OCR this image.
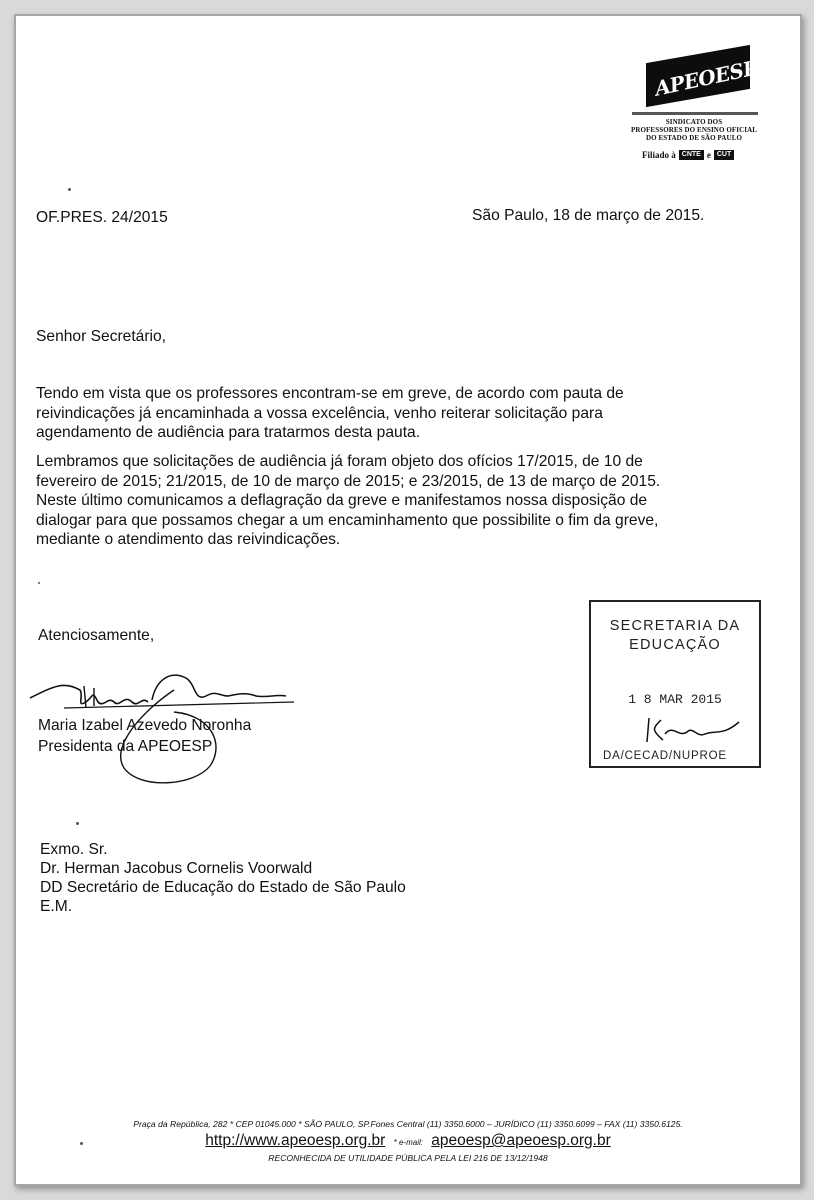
APEOESP
SINDICATO DOS
PROFESSORES DO ENSINO OFICIAL
DO ESTADO DE SÃO PAULO
Filiado à CNTE e CUT
OF.PRES. 24/2015	São Paulo, 18 de março de 2015.
Senhor Secretário,
Tendo em vista que os professores encontram-se em greve, de acordo com pauta de
reivindicações já encaminhada a vossa excelência, venho reiterar solicitação para
agendamento de audiência para tratarmos desta pauta.
Lembramos que solicitações de audiência já foram objeto dos ofícios 17/2015, de 10 de
fevereiro de 2015; 21/2015, de 10 de março de 2015; e 23/2015, de 13 de março de 2015.
Neste último comunicamos a deflagração da greve e manifestamos nossa disposição de
dialogar para que possamos chegar a um encaminhamento que possibilite o fim da greve,
mediante o atendimento das reivindicações.
Atenciosamente,
Maria Izabel Azevedo Noronha
Presidenta da APEOESP
SECRETARIA DA
EDUCAÇÃO
1 8 MAR 2015
DA/CECAD/NUPROE
Exmo. Sr.
Dr. Herman Jacobus Cornelis Voorwald
DD Secretário de Educação do Estado de São Paulo
E.M.
Praça da República, 282 * CEP 01045.000 * SÃO PAULO, SP.Fones Central (11) 3350.6000 – JURÍDICO (11) 3350.6099 – FAX (11) 3350.6125.
http://www.apeoesp.org.br * e-mail: apeoesp@apeoesp.org.br
RECONHECIDA DE UTILIDADE PÚBLICA PELA LEI 216 DE 13/12/1948
